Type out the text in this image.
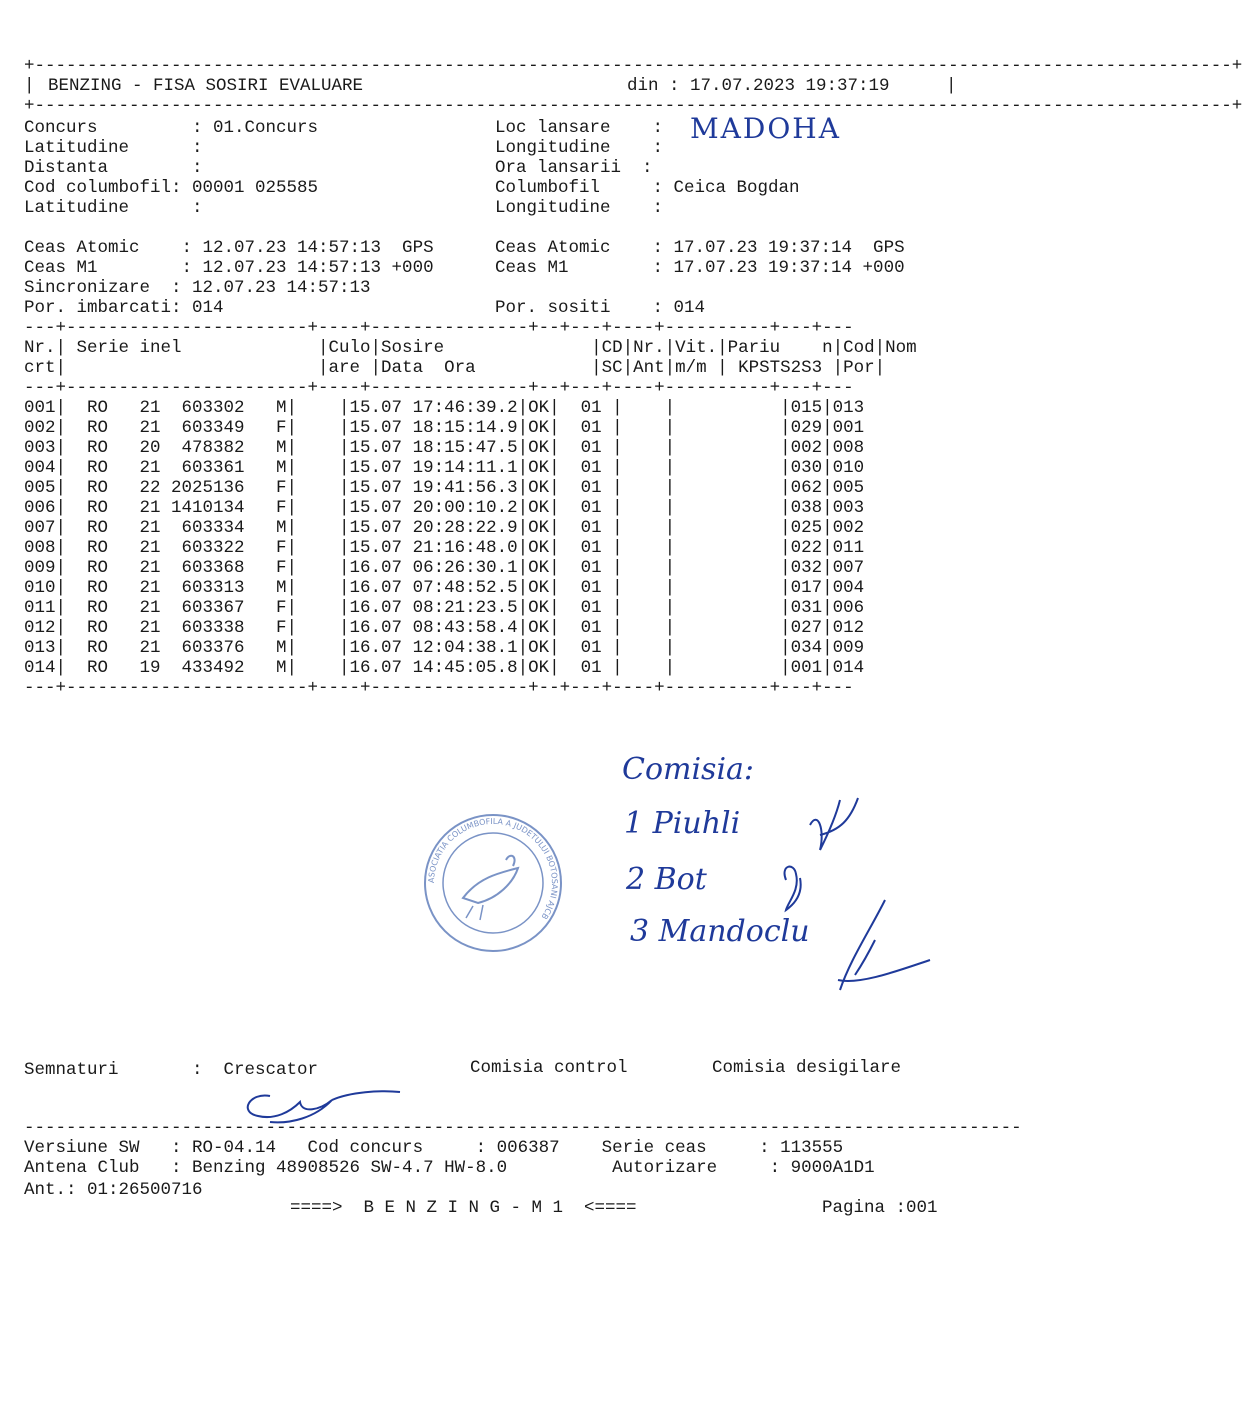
+------------------------------------------------------------------------------------------------------------------+
BENZING - FISA SOSIRI EVALUARE
|	din : 17.07.2023 19:37:19	|
+------------------------------------------------------------------------------------------------------------------+
Concurs         : 01.Concurs
Latitudine      :
Distanta        :
Cod columbofil: 00001 025585
Latitudine      :
Loc lansare    :
Longitudine    :
Ora lansarii  :
Columbofil     : Ceica Bogdan
Longitudine    :
MADOHA
Ceas Atomic    : 12.07.23 14:57:13  GPS
Ceas M1        : 12.07.23 14:57:13 +000
Sincronizare  : 12.07.23 14:57:13
Por. imbarcati: 014
Ceas Atomic    : 17.07.23 19:37:14  GPS
Ceas M1        : 17.07.23 19:37:14 +000
Por. sositi    : 014
---+-----------------------+----+---------------+--+---+----+----------+---+---
Nr.| Serie inel             |Culo|Sosire              |CD|Nr.|Vit.|Pariu    n|Cod|Nom
crt|                        |are |Data  Ora           |SC|Ant|m/m | KPSTS2S3 |Por|
---+-----------------------+----+---------------+--+---+----+----------+---+---
001|  RO   21  603302   M|    |15.07 17:46:39.2|OK|  01 |    |          |015|013
002|  RO   21  603349   F|    |15.07 18:15:14.9|OK|  01 |    |          |029|001
003|  RO   20  478382   M|    |15.07 18:15:47.5|OK|  01 |    |          |002|008
004|  RO   21  603361   M|    |15.07 19:14:11.1|OK|  01 |    |          |030|010
005|  RO   22 2025136   F|    |15.07 19:41:56.3|OK|  01 |    |          |062|005
006|  RO   21 1410134   F|    |15.07 20:00:10.2|OK|  01 |    |          |038|003
007|  RO   21  603334   M|    |15.07 20:28:22.9|OK|  01 |    |          |025|002
008|  RO   21  603322   F|    |15.07 21:16:48.0|OK|  01 |    |          |022|011
009|  RO   21  603368   F|    |16.07 06:26:30.1|OK|  01 |    |          |032|007
010|  RO   21  603313   M|    |16.07 07:48:52.5|OK|  01 |    |          |017|004
011|  RO   21  603367   F|    |16.07 08:21:23.5|OK|  01 |    |          |031|006
012|  RO   21  603338   F|    |16.07 08:43:58.4|OK|  01 |    |          |027|012
013|  RO   21  603376   M|    |16.07 12:04:38.1|OK|  01 |    |          |034|009
014|  RO   19  433492   M|    |16.07 14:45:05.8|OK|  01 |    |          |001|014
---+-----------------------+----+---------------+--+---+----+----------+---+---
Comisia:
1 Piuhli
2 Bot
3 Mandoclu
ASOCIATIA COLUMBOFILA A JUDETULUI BOTOSANI AJCB
Semnaturi       :  Crescator	Comisia control	Comisia desigilare
-----------------------------------------------------------------------------------------------
Versiune SW   : RO-04.14   Cod concurs     : 006387    Serie ceas     : 113555
Antena Club   : Benzing 48908526 SW-4.7 HW-8.0          Autorizare     : 9000A1D1
Ant.: 01:26500716
====>  B E N Z I N G - M 1  <====	Pagina :001
